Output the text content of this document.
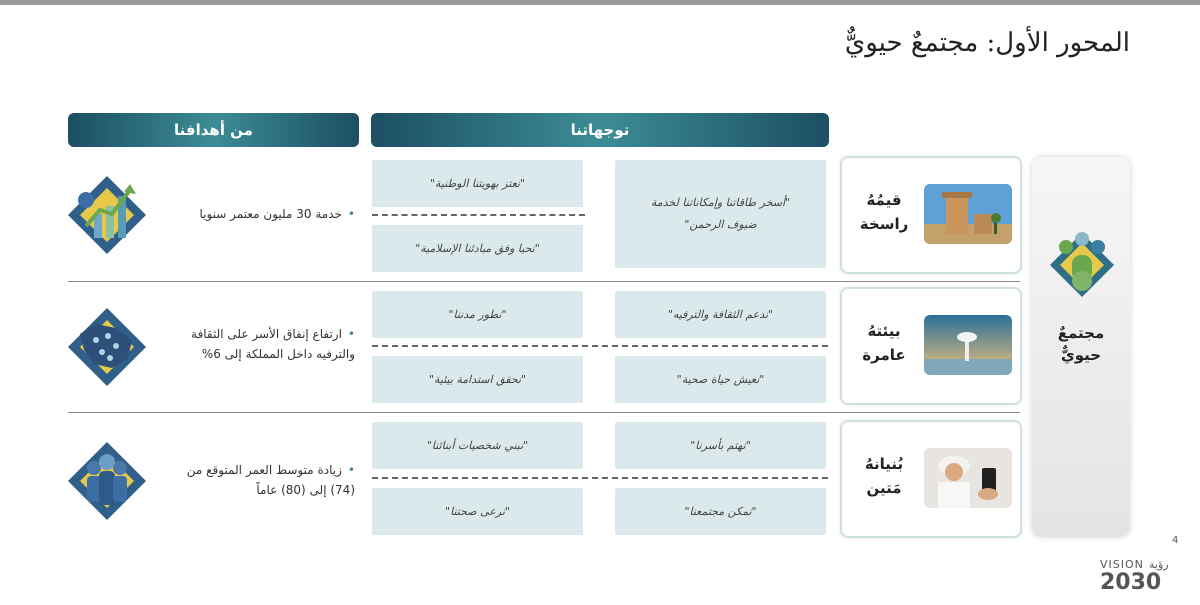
المحور الأول: مجتمعٌ حيويٌّ
من أهدافنا	توجهاتنا
مجتمعٌ
حيويٌّ
قيمُهُ
راسخة
"أسخر طاقاتنا وإمكاناتنا لخدمة ضيوف الرحمن"
"نعتز بهويتنا الوطنية"
"نحيا وفق مبادئنا الإسلامية"
•خدمة 30 مليون معتمر سنويا
بيئتهُ
عامرة
"ندعم الثقافة والترفيه"
"نطور مدننا"
"نعيش حياة صحية"
"نحقق استدامة بيئية"
•ارتفاع إنفاق الأسر على الثقافة والترفيه داخل المملكة إلى 6%
بُنيانهُ
مَتين
"نهتم بأسرنا"
"نبني شخصيات أبنائنا"
"نمكن مجتمعنا"
"نرعى صحتنا"
•زيادة متوسط العمر المتوقع من (74) إلى (80) عاماً
4
VISION رؤية
2030
